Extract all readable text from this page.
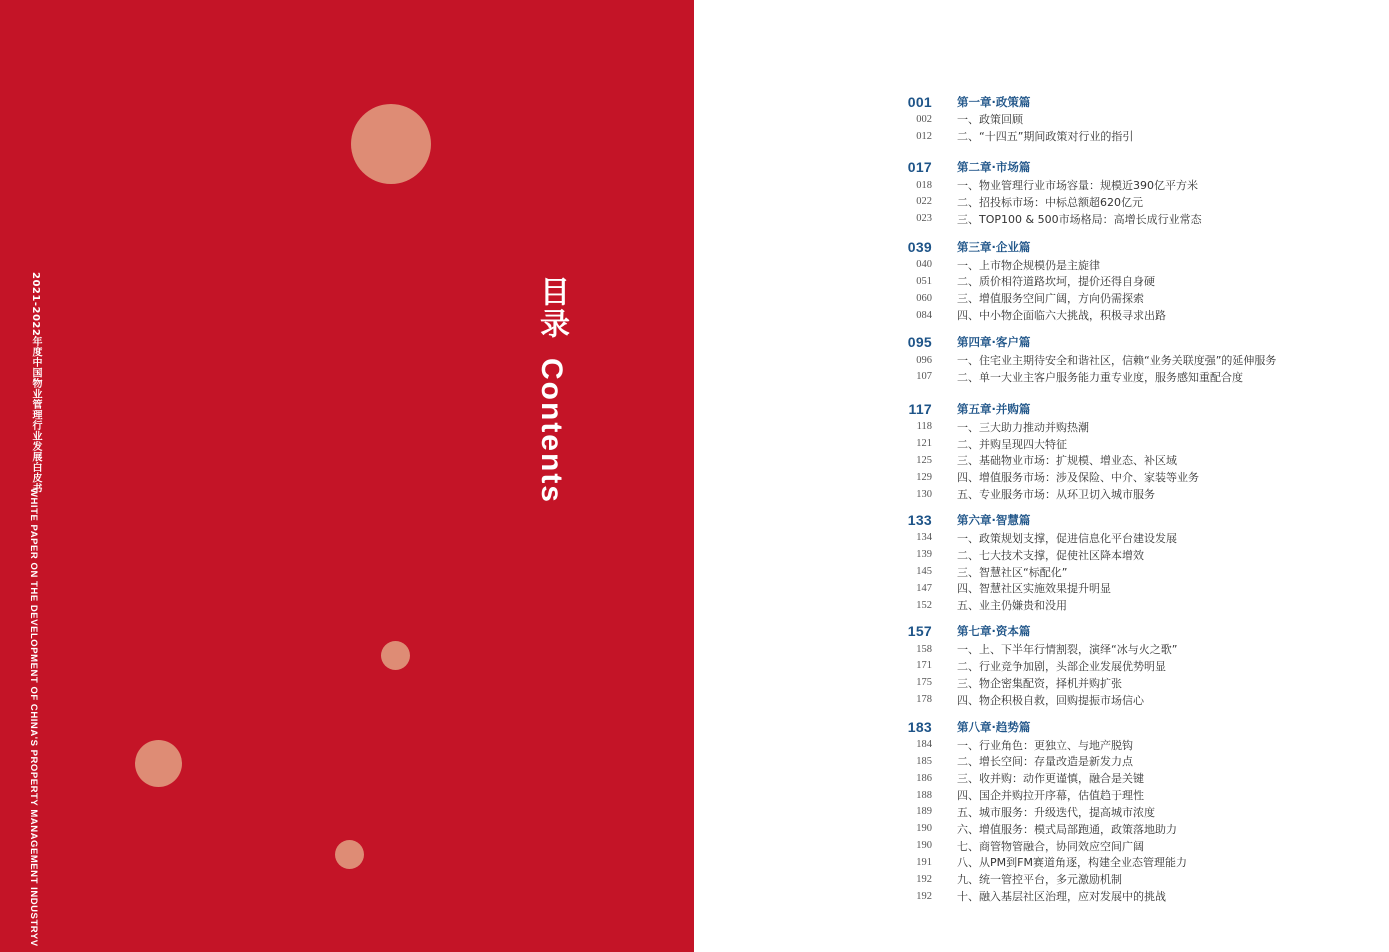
2021-2022年度中国物业管理行业发展白皮书
WHITE PAPER ON THE DEVELOPMENT OF CHINA'S PROPERTY MANAGEMENT INDUSTRYV
目录Contents
001 第一章·政策篇
002 一、政策回顾
012 二、“十四五”期间政策对行业的指引
017 第二章·市场篇
018 一、物业管理行业市场容量：规模近390亿平方米
022 二、招投标市场：中标总额超620亿元
023 三、TOP100 & 500市场格局：高增长成行业常态
039 第三章·企业篇
040 一、上市物企规模仍是主旋律
051 二、质价相符道路坎坷，提价还得自身硬
060 三、增值服务空间广阔，方向仍需探索
084 四、中小物企面临六大挑战，积极寻求出路
095 第四章·客户篇
096 一、住宅业主期待安全和谐社区，信赖“业务关联度强”的延伸服务
107 二、单一大业主客户服务能力重专业度，服务感知重配合度
117 第五章·并购篇
118 一、三大助力推动并购热潮
121 二、并购呈现四大特征
125 三、基础物业市场：扩规模、增业态、补区域
129 四、增值服务市场：涉及保险、中介、家装等业务
130 五、专业服务市场：从环卫切入城市服务
133 第六章·智慧篇
134 一、政策规划支撑，促进信息化平台建设发展
139 二、七大技术支撑，促使社区降本增效
145 三、智慧社区“标配化”
147 四、智慧社区实施效果提升明显
152 五、业主仍嫌贵和没用
157 第七章·资本篇
158 一、上、下半年行情割裂，演绎“冰与火之歌”
171 二、行业竞争加剧，头部企业发展优势明显
175 三、物企密集配资，择机并购扩张
178 四、物企积极自救，回购提振市场信心
183 第八章·趋势篇
184 一、行业角色：更独立、与地产脱钩
185 二、增长空间：存量改造是新发力点
186 三、收并购：动作更谨慎，融合是关键
188 四、国企并购拉开序幕，估值趋于理性
189 五、城市服务：升级迭代，提高城市浓度
190 六、增值服务：模式局部跑通，政策落地助力
190 七、商管物管融合，协同效应空间广阔
191 八、从PM到FM赛道角逐，构建全业态管理能力
192 九、统一管控平台，多元激励机制
192 十、融入基层社区治理，应对发展中的挑战
